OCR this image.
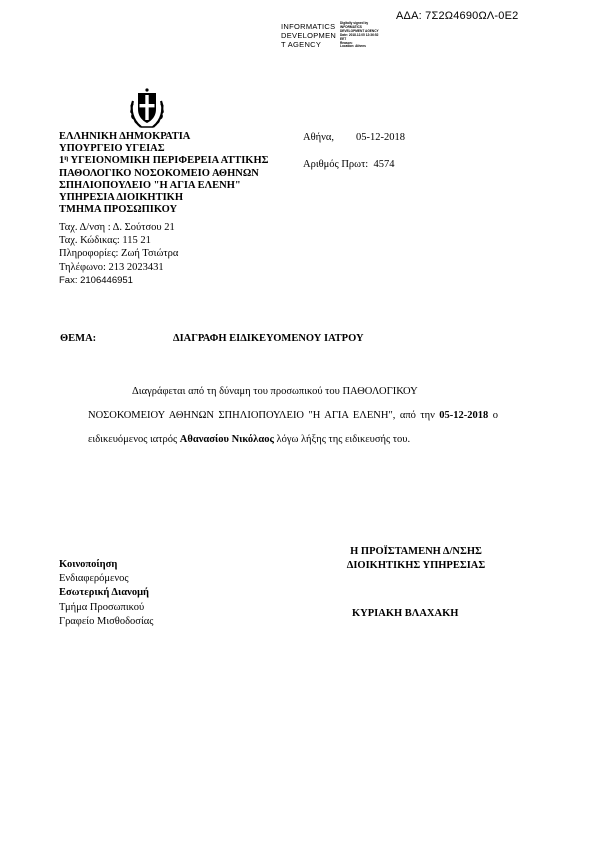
ΑΔΑ: 7Σ2Ω4690ΩΛ-0Ε2
INFORMATICS
DEVELOPMEN
T AGENCY
Digitally signed by
INFORMATICS
DEVELOPMENT AGENCY
Date: 2018.12.05 12:36:52
EET
Reason:
Location: Athens
ΕΛΛΗΝΙΚΗ ΔΗΜΟΚΡΑΤΙΑ
ΥΠΟΥΡΓΕΙΟ ΥΓΕΙΑΣ
$1^\eta$ ΥΓΕΙΟΝΟΜΙΚΗ ΠΕΡΙΦΕΡΕΙΑ ΑΤΤΙΚΗΣ
ΠΑΘΟΛΟΓΙΚΟ ΝΟΣΟΚΟΜΕΙΟ ΑΘΗΝΩΝ
ΣΠΗΛΙΟΠΟΥΛΕΙΟ "Η ΑΓΙΑ ΕΛΕΝΗ"
ΥΠΗΡΕΣΙΑ ΔΙΟΙΚΗΤΙΚΗ
ΤΜΗΜΑ ΠΡΟΣΩΠΙΚΟΥ
Ταχ. Δ/νση : Δ. Σούτσου 21
Ταχ. Κώδικας: 115 21
Πληροφορίες: Ζωή Τσιώτρα
Τηλέφωνο: 213 2023431
Fax: 2106446951
Αθήνα, 05-12-2018
Αριθμός Πρωτ: 4574
ΘΕΜΑ:	ΔΙΑΓΡΑΦΗ ΕΙΔΙΚΕΥΟΜΕΝΟΥ ΙΑΤΡΟΥ
Διαγράφεται από τη δύναμη του προσωπικού του ΠΑΘΟΛΟΓΙΚΟΥ
ΝΟΣΟΚΟΜΕΙΟΥ ΑΘΗΝΩΝ ΣΠΗΛΙΟΠΟΥΛΕΙΟ "Η ΑΓΙΑ ΕΛΕΝΗ", από την 05-12-2018 ο ειδικευόμενος ιατρός Αθανασίου Νικόλαος λόγω λήξης της ειδικευσής του.
Κοινοποίηση
Ενδιαφερόμενος
Εσωτερική Διανομή
Τμήμα Προσωπικού
Γραφείο Μισθοδοσίας
Η ΠΡΟΪΣΤΑΜΕΝΗ Δ/ΝΣΗΣ
ΔΙΟΙΚΗΤΙΚΗΣ ΥΠΗΡΕΣΙΑΣ
ΚΥΡΙΑΚΗ ΒΛΑΧΑΚΗ
